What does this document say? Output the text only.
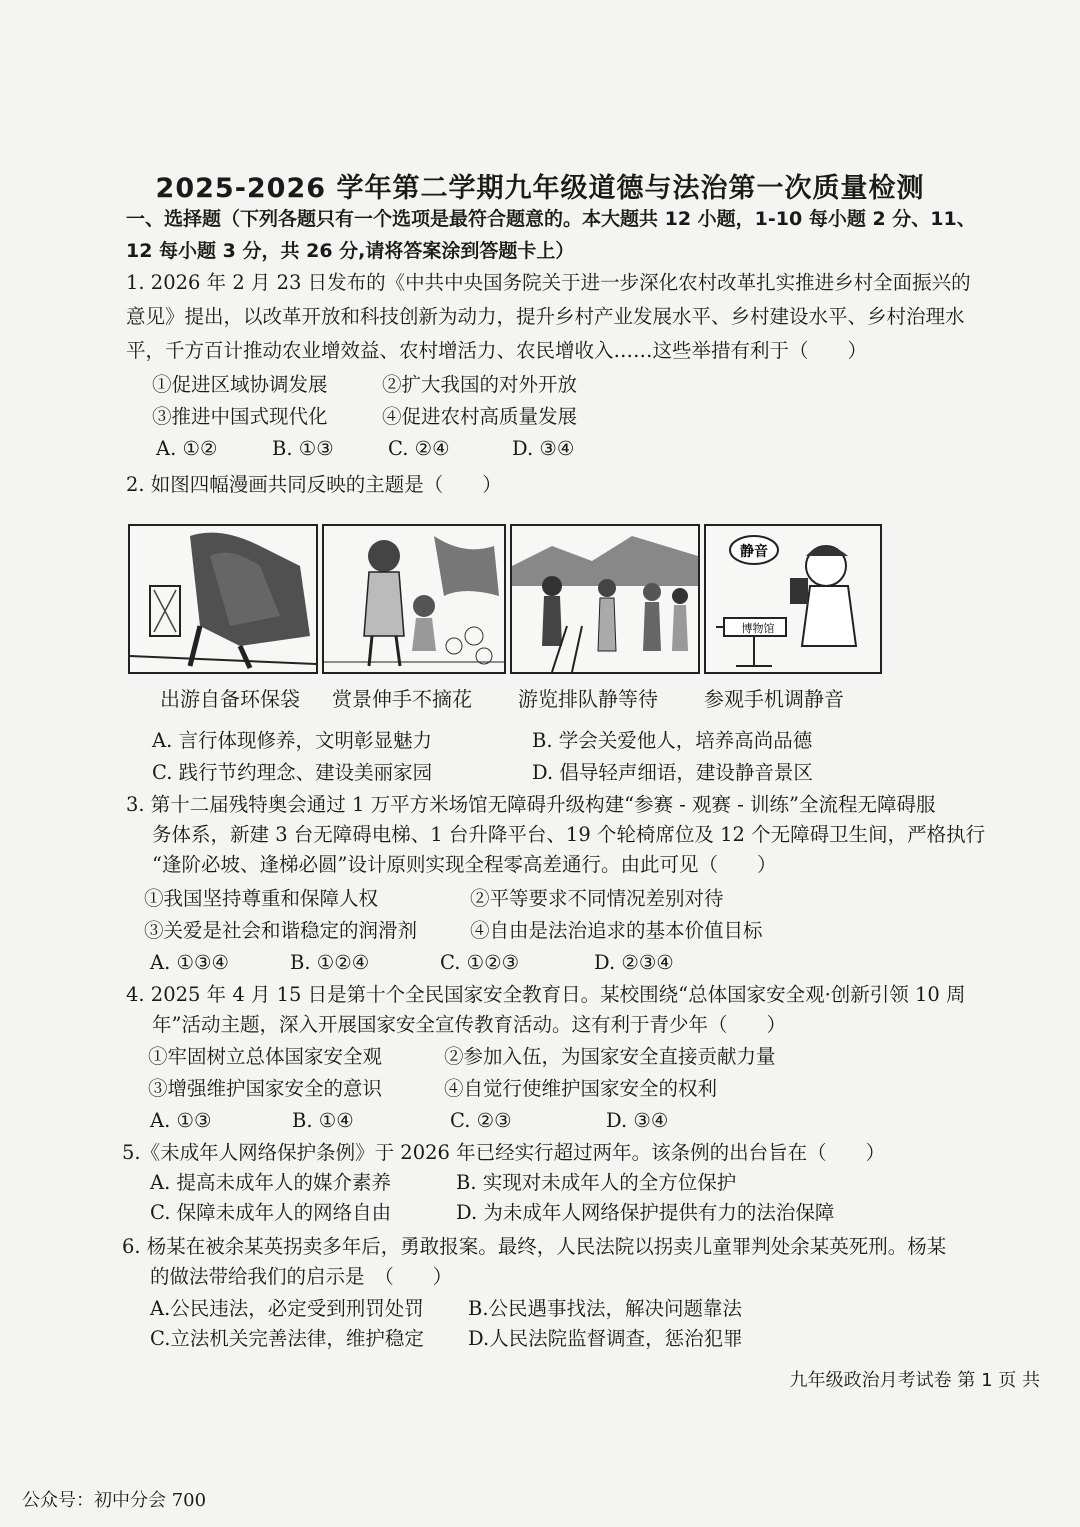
2025-2026 学年第二学期九年级道德与法治第一次质量检测
一、选择题（下列各题只有一个选项是最符合题意的。本大题共 12 小题，1-10 每小题 2 分、11、
12 每小题 3 分，共 26 分,请将答案涂到答题卡上）
1. 2026 年 2 月 23 日发布的《中共中央国务院关于进一步深化农村改革扎实推进乡村全面振兴的
意见》提出，以改革开放和科技创新为动力，提升乡村产业发展水平、乡村建设水平、乡村治理水
平，千方百计推动农业增效益、农村增活力、农民增收入……这些举措有利于（　　）
①促进区域协调发展	②扩大我国的对外开放
③推进中国式现代化	④促进农村高质量发展
A. ①②	B. ①③	C. ②④	D. ③④
2. 如图四幅漫画共同反映的主题是（　　）
静音
博物馆
出游自备环保袋 赏景伸手不摘花 游览排队静等待 参观手机调静音
A. 言行体现修养，文明彰显魅力	B. 学会关爱他人，培养高尚品德
C. 践行节约理念、建设美丽家园	D. 倡导轻声细语，建设静音景区
3. 第十二届残特奥会通过 1 万平方米场馆无障碍升级构建“参赛 - 观赛 - 训练”全流程无障碍服
务体系，新建 3 台无障碍电梯、1 台升降平台、19 个轮椅席位及 12 个无障碍卫生间，严格执行
“逢阶必坡、逢梯必圆”设计原则实现全程零高差通行。由此可见（　　）
①我国坚持尊重和保障人权	②平等要求不同情况差别对待
③关爱是社会和谐稳定的润滑剂	④自由是法治追求的基本价值目标
A. ①③④	B. ①②④	C. ①②③	D. ②③④
4. 2025 年 4 月 15 日是第十个全民国家安全教育日。某校围绕“总体国家安全观·创新引领 10 周
年”活动主题，深入开展国家安全宣传教育活动。这有利于青少年（　　）
①牢固树立总体国家安全观	②参加入伍，为国家安全直接贡献力量
③增强维护国家安全的意识	④自觉行使维护国家安全的权利
A. ①③	B. ①④	C. ②③	D. ③④
5.《未成年人网络保护条例》于 2026 年已经实行超过两年。该条例的出台旨在（　　）
A. 提高未成年人的媒介素养	B. 实现对未成年人的全方位保护
C. 保障未成年人的网络自由	D. 为未成年人网络保护提供有力的法治保障
6. 杨某在被余某英拐卖多年后，勇敢报案。最终，人民法院以拐卖儿童罪判处余某英死刑。杨某
的做法带给我们的启示是　（　　）
A.公民违法，必定受到刑罚处罚 B.公民遇事找法，解决问题靠法
C.立法机关完善法律，维护稳定 D.人民法院监督调查，惩治犯罪
九年级政治月考试卷 第 1 页 共
公众号：初中分会 700
